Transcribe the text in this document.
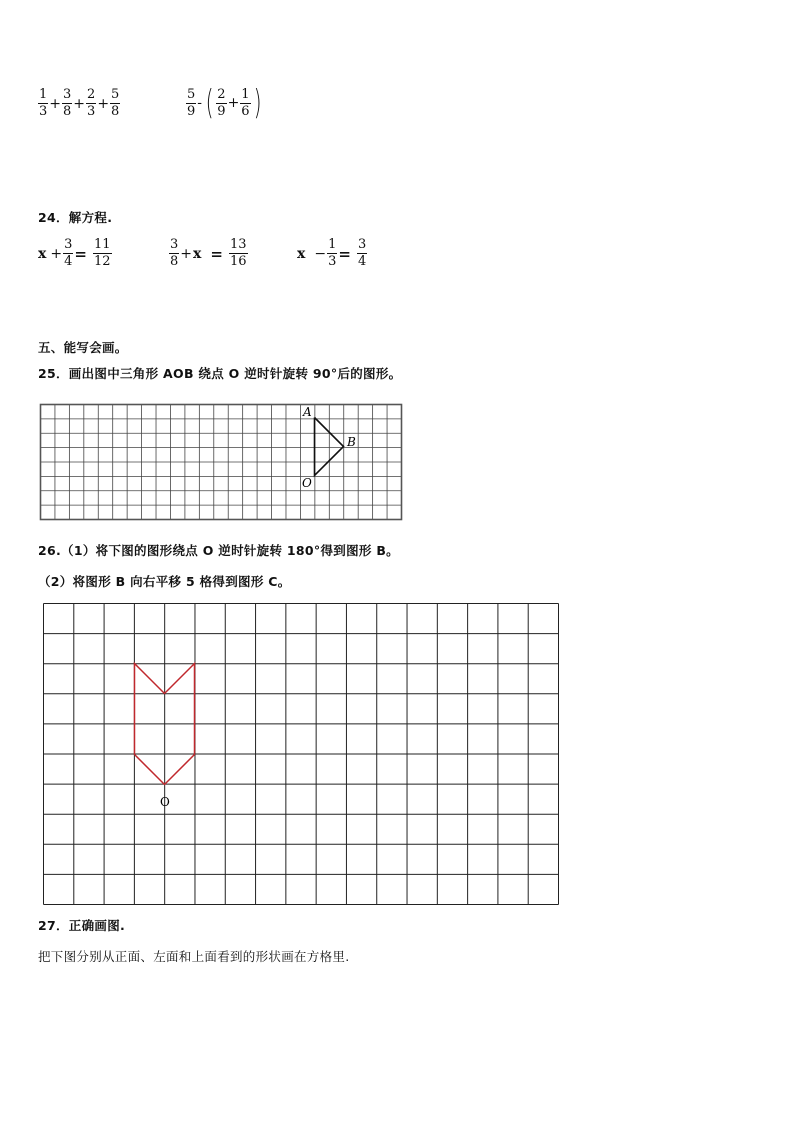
$\frac{1}{3} + \frac{3}{8} + \frac{2}{3} + \frac{5}{8}$	$\frac{5}{9}$ - ( $\frac{2}{9} + \frac{1}{6}$ )
24．解方程.
$x + \frac{3}{4} = \frac{11}{12}$	$\frac{3}{8} + x = \frac{13}{16}$	$x - \frac{1}{3} = \frac{3}{4}$
五、能写会画。
25．画出图中三角形 AOB 绕点 O 逆时针旋转 90°后的图形。
A
B
O
26.（1）将下图的图形绕点 O 逆时针旋转 180°得到图形 B。
（2）将图形 B 向右平移 5 格得到图形 C。
O
27．正确画图.
把下图分别从正面、左面和上面看到的形状画在方格里.
